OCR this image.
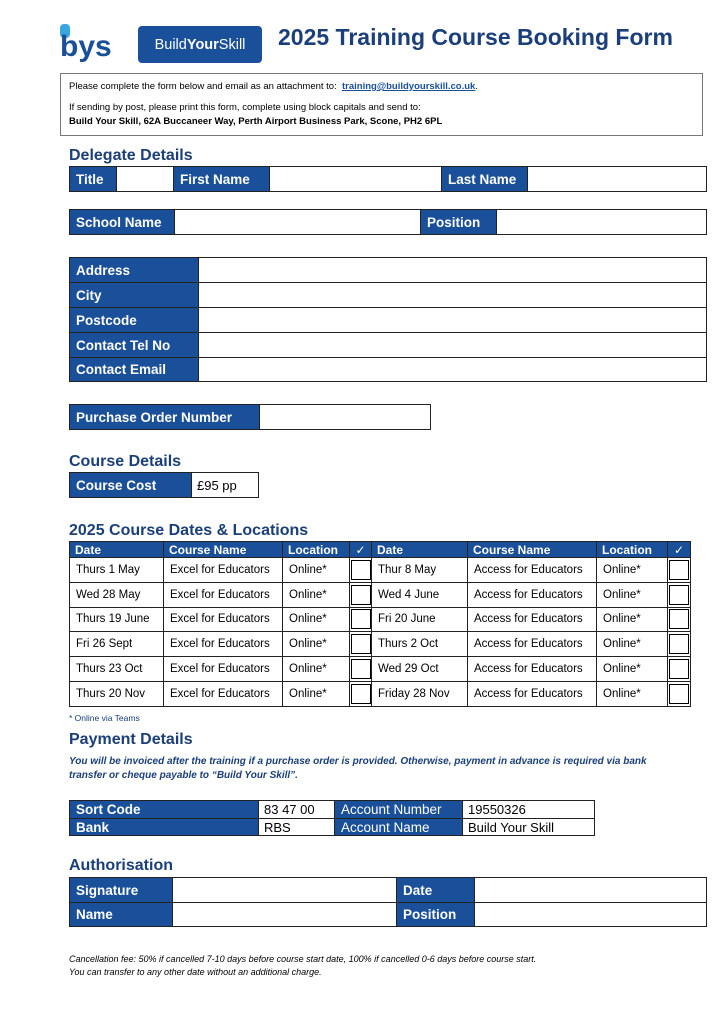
bys	Build Your Skill 2025 Training Course Booking Form
Please complete the form below and email as an attachment to: training@buildyourskill.co.uk.
If sending by post, please print this form, complete using block capitals and send to:
Build Your Skill, 62A Buccaneer Way, Perth Airport Business Park, Scone, PH2 6PL
Delegate Details
Title	First Name	Last Name
School Name	Position
Address
City
Postcode
Contact Tel No
Contact Email
Purchase Order Number
Course Details
Course Cost	£95 pp
2025 Course Dates & Locations
Date	Course Name	Location	✓	Date	Course Name	Location	✓
Thurs 1 May	Excel for Educators	Online*		Thur 8 May	Access for Educators	Online*	

Wed 28 May	Excel for Educators	Online*		Wed 4 June	Access for Educators	Online*	

Thurs 19 June	Excel for Educators	Online*		Fri 20 June	Access for Educators	Online*	

Fri 26 Sept	Excel for Educators	Online*		Thurs 2 Oct	Access for Educators	Online*	

Thurs 23 Oct	Excel for Educators	Online*		Wed 29 Oct	Access for Educators	Online*	

Thurs 20 Nov	Excel for Educators	Online*		Friday 28 Nov	Access for Educators	Online*	
* Online via Teams
Payment Details
You will be invoiced after the training if a purchase order is provided. Otherwise, payment in advance is required via bank transfer or cheque payable to “Build Your Skill”.
Sort Code	83 47 00	Account Number	19550326
Bank	RBS	Account Name	Build Your Skill
Authorisation
Signature	Date
Name	Position
Cancellation fee: 50% if cancelled 7-10 days before course start date, 100% if cancelled 0-6 days before course start.
You can transfer to any other date without an additional charge.
